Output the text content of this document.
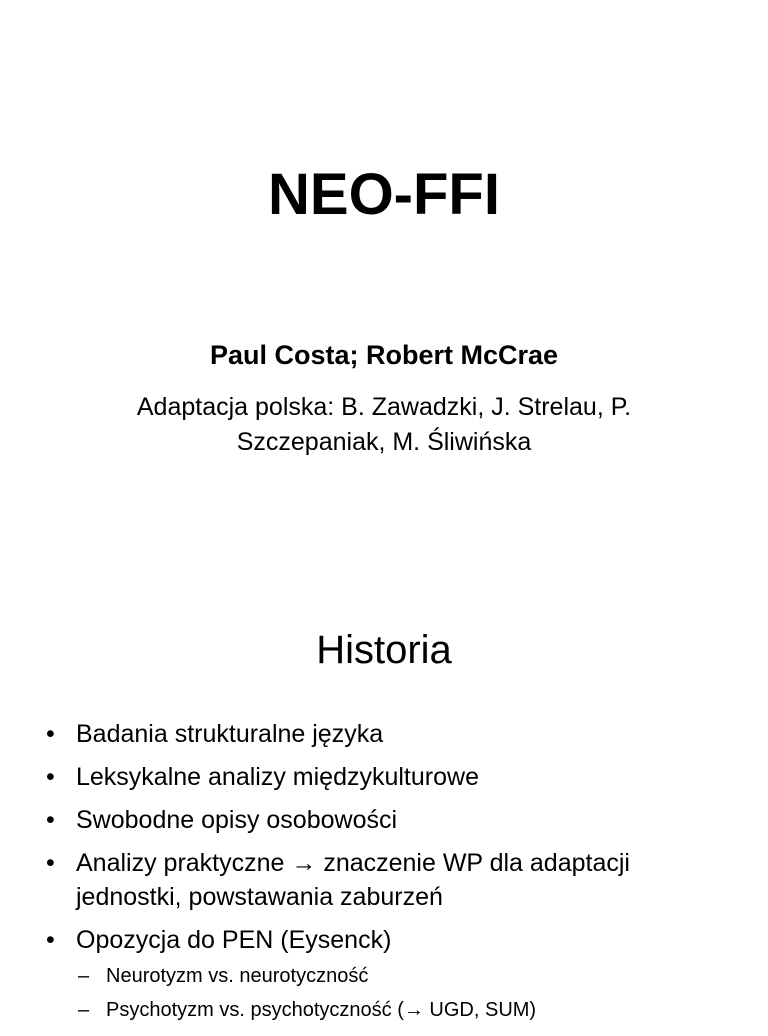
NEO-FFI
Paul Costa; Robert McCrae
Adaptacja polska: B. Zawadzki, J. Strelau, P. Szczepaniak, M. Śliwińska
Historia
• Badania strukturalne języka
• Leksykalne analizy międzykulturowe
• Swobodne opisy osobowości
• Analizy praktyczne → znaczenie WP dla adaptacji jednostki, powstawania zaburzeń
• Opozycja do PEN (Eysenck)
– Neurotyzm vs. neurotyczność
– Psychotyzm vs. psychotyczność (→ UGD, SUM)
